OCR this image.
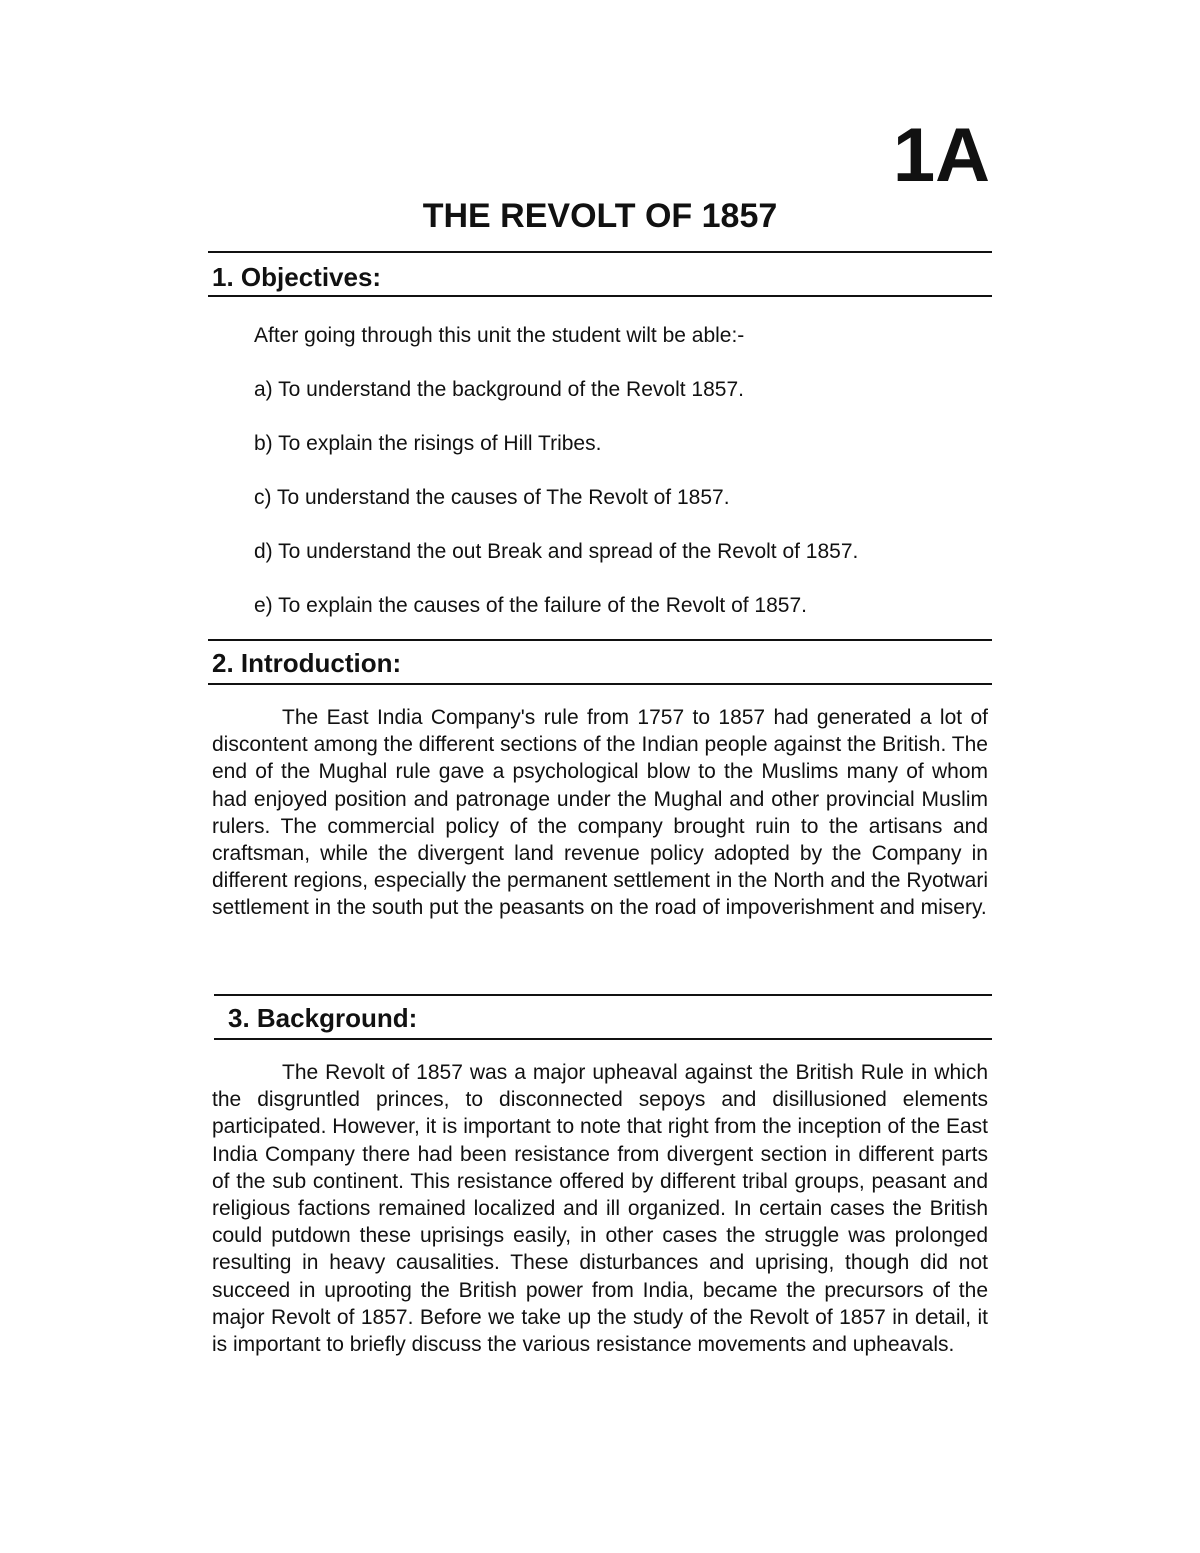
1A
THE REVOLT OF 1857
1. Objectives:

After going through this unit the student wilt be able:-

a) To understand the background of the Revolt 1857.

b) To explain the risings of Hill Tribes.

c) To understand the causes of The Revolt of 1857.

d) To understand the out Break and spread of the Revolt of 1857.

e) To explain the causes of the failure of the Revolt of 1857.

2. Introduction:

The East India Company's rule from 1757 to 1857 had generated a lot of discontent among the different sections of the Indian people against the British. The end of the Mughal rule gave a psychological blow to the Muslims many of whom had enjoyed position and patronage under the Mughal and other provincial Muslim rulers. The commercial policy of the company brought ruin to the artisans and craftsman, while the divergent land revenue policy adopted by the Company in different regions, especially the permanent settlement in the North and the Ryotwari settlement in the south put the peasants on the road of impoverishment and misery.

3. Background:

The Revolt of 1857 was a major upheaval against the British Rule in which the disgruntled princes, to disconnected sepoys and disillusioned elements participated. However, it is important to note that right from the inception of the East India Company there had been resistance from divergent section in different parts of the sub continent. This resistance offered by different tribal groups, peasant and religious factions remained localized and ill organized. In certain cases the British could putdown these uprisings easily, in other cases the struggle was prolonged resulting in heavy causalities. These disturbances and uprising, though did not succeed in uprooting the British power from India, became the precursors of the major Revolt of 1857. Before we take up the study of the Revolt of 1857 in detail, it is important to briefly discuss the various resistance movements and upheavals.
